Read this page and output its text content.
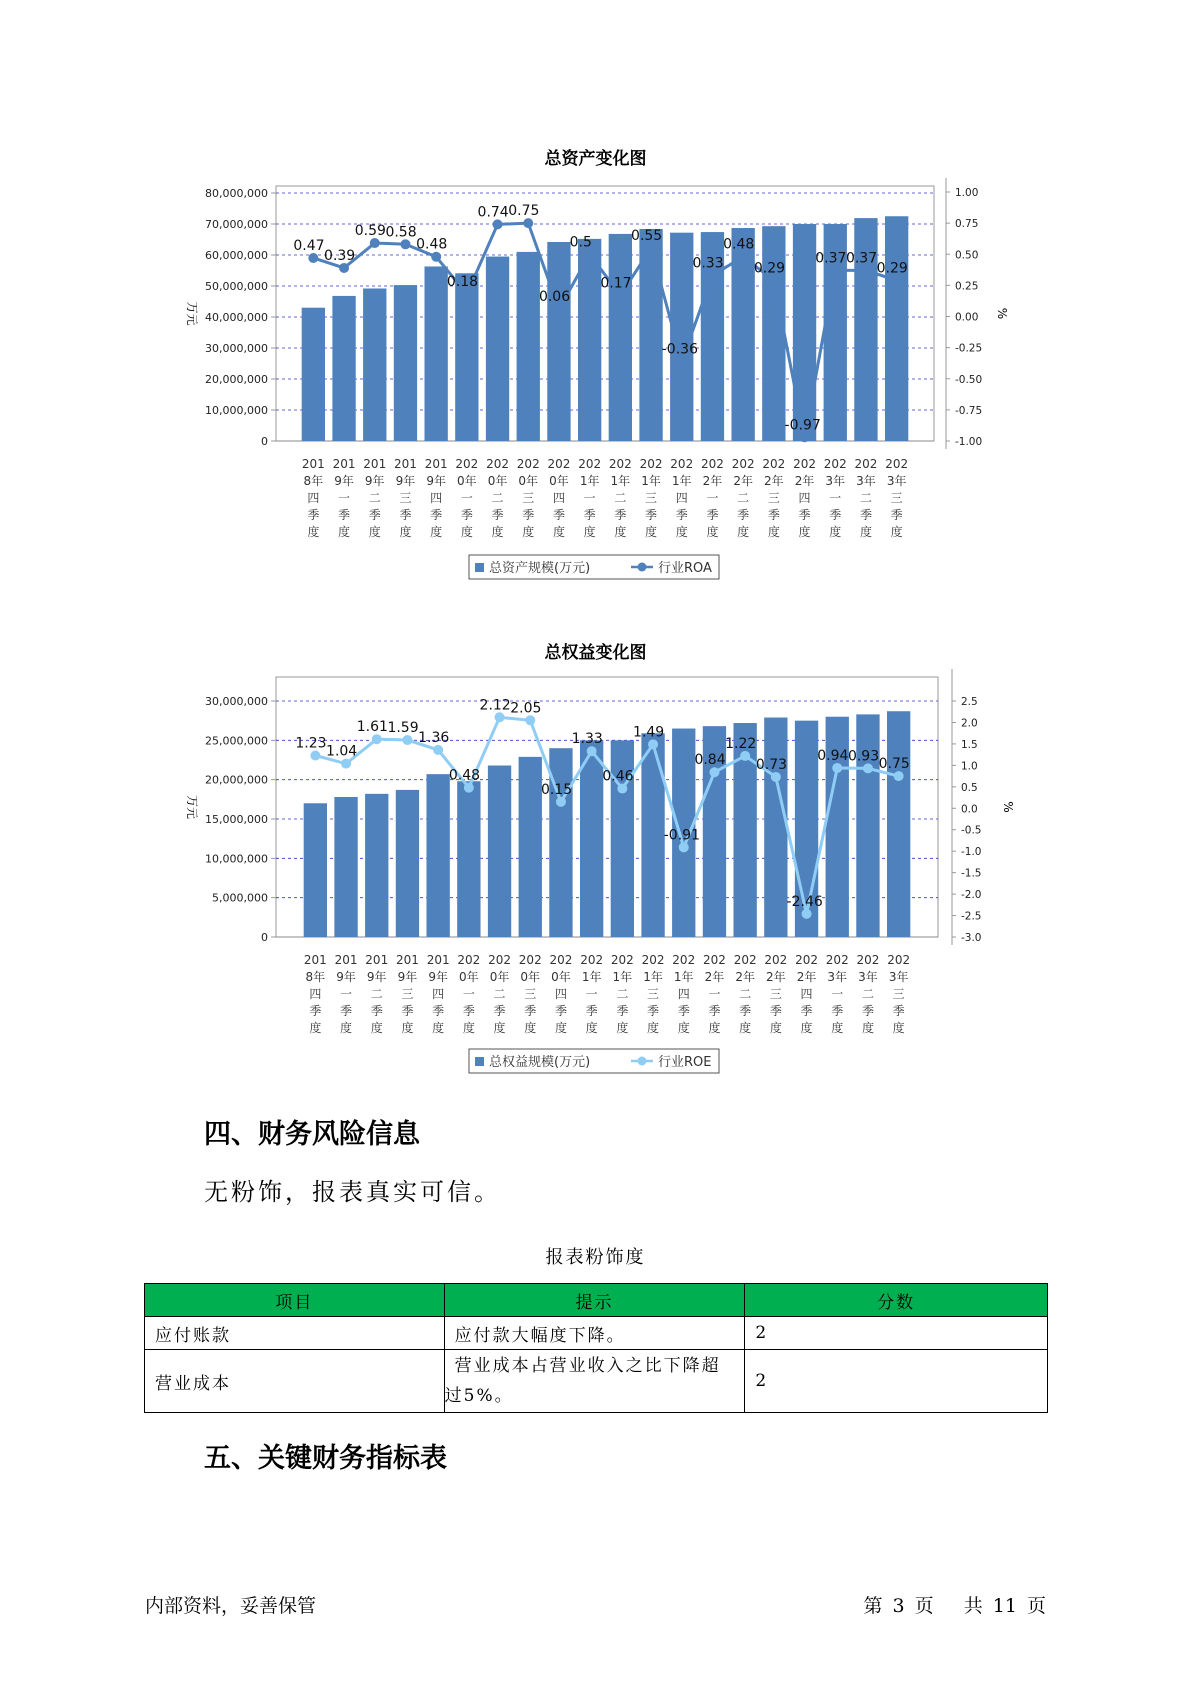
总资产变化图
0
10,000,000
20,000,000
30,000,000
40,000,000
50,000,000
60,000,000
70,000,000
80,000,000
-1.00
-0.75
-0.50
-0.25
0.00
0.25
0.50
0.75
1.00
万元	%
201
8年
四
季
度
201
9年
一
季
度
201
9年
二
季
度
201
9年
三
季
度
201
9年
四
季
度
202
0年
一
季
度
202
0年
二
季
度
202
0年
三
季
度
202
0年
四
季
度
202
1年
一
季
度
202
1年
二
季
度
202
1年
三
季
度
202
1年
四
季
度
202
2年
一
季
度
202
2年
二
季
度
202
2年
三
季
度
202
2年
四
季
度
202
3年
一
季
度
202
3年
二
季
度
202
3年
三
季
度
0.47
0.39
0.59 0.58
0.48
0.18
0.74 0.75
0.06
0.5
0.17
0.55
-0.36
0.33
0.48
0.29
-0.97
0.37 0.37
0.29
总资产规模(万元)	行业ROA
总权益变化图
0
5,000,000
10,000,000
15,000,000
20,000,000
25,000,000
30,000,000
-3.0
-2.5
-2.0
-1.5
-1.0
-0.5
0.0
0.5
1.0
1.5
2.0
2.5
万元	%
201
8年
四
季
度
201
9年
一
季
度
201
9年
二
季
度
201
9年
三
季
度
201
9年
四
季
度
202
0年
一
季
度
202
0年
二
季
度
202
0年
三
季
度
202
0年
四
季
度
202
1年
一
季
度
202
1年
二
季
度
202
1年
三
季
度
202
1年
四
季
度
202
2年
一
季
度
202
2年
二
季
度
202
2年
三
季
度
202
2年
四
季
度
202
3年
一
季
度
202
3年
二
季
度
202
3年
三
季
度
1.23
1.04
1.61 1.59
1.36
0.48
2.12 2.05
0.15
1.33
0.46
1.49
-0.91
0.84
1.22
0.73
-2.46
0.94 0.93 0.75
总权益规模(万元)	行业ROE
四、财务风险信息
无粉饰，报表真实可信。
报表粉饰度
项目	提示	分数
应付账款	应付款大幅度下降。	2
营业成本	营业成本占营业收入之比下降超
过5%。	2
五、关键财务指标表
内部资料，妥善保管	第 3 页   共 11 页
